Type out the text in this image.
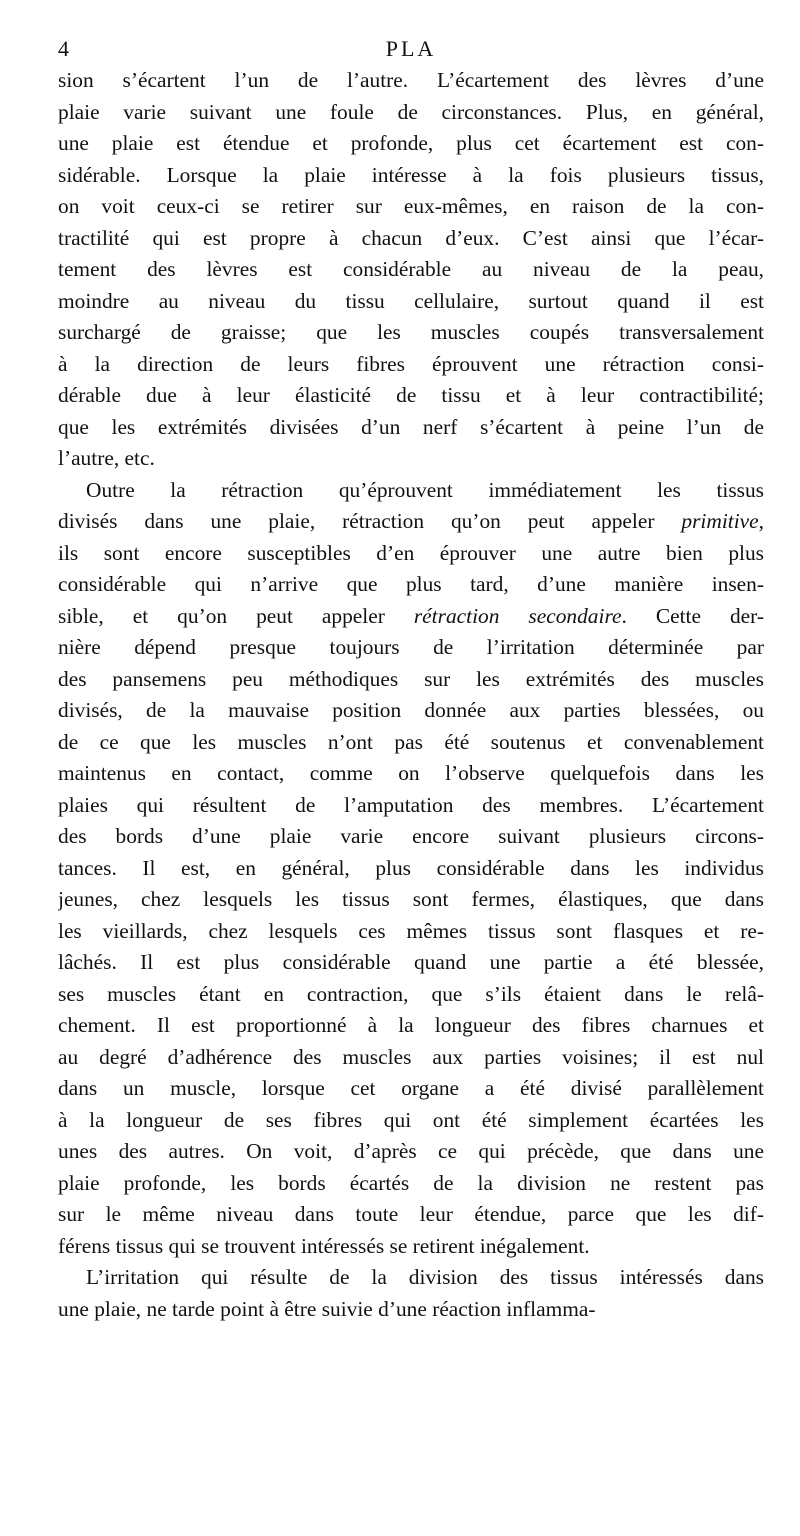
4	PLA
sion s’écartent l’un de l’autre. L’écartement des lèvres d’une
plaie varie suivant une foule de circonstances. Plus, en général,
une plaie est étendue et profonde, plus cet écartement est con-
sidérable. Lorsque la plaie intéresse à la fois plusieurs tissus,
on voit ceux-ci se retirer sur eux-mêmes, en raison de la con-
tractilité qui est propre à chacun d’eux. C’est ainsi que l’écar-
tement des lèvres est considérable au niveau de la peau,
moindre au niveau du tissu cellulaire, surtout quand il est
surchargé de graisse; que les muscles coupés transversalement
à la direction de leurs fibres éprouvent une rétraction consi-
dérable due à leur élasticité de tissu et à leur contractibilité;
que les extrémités divisées d’un nerf s’écartent à peine l’un de
l’autre, etc.
Outre la rétraction qu’éprouvent immédiatement les tissus
divisés dans une plaie, rétraction qu’on peut appeler primitive,
ils sont encore susceptibles d’en éprouver une autre bien plus
considérable qui n’arrive que plus tard, d’une manière insen-
sible, et qu’on peut appeler rétraction secondaire. Cette der-
nière dépend presque toujours de l’irritation déterminée par
des pansemens peu méthodiques sur les extrémités des muscles
divisés, de la mauvaise position donnée aux parties blessées, ou
de ce que les muscles n’ont pas été soutenus et convenablement
maintenus en contact, comme on l’observe quelquefois dans les
plaies qui résultent de l’amputation des membres. L’écartement
des bords d’une plaie varie encore suivant plusieurs circons-
tances. Il est, en général, plus considérable dans les individus
jeunes, chez lesquels les tissus sont fermes, élastiques, que dans
les vieillards, chez lesquels ces mêmes tissus sont flasques et re-
lâchés. Il est plus considérable quand une partie a été blessée,
ses muscles étant en contraction, que s’ils étaient dans le relâ-
chement. Il est proportionné à la longueur des fibres charnues et
au degré d’adhérence des muscles aux parties voisines; il est nul
dans un muscle, lorsque cet organe a été divisé parallèlement
à la longueur de ses fibres qui ont été simplement écartées les
unes des autres. On voit, d’après ce qui précède, que dans une
plaie profonde, les bords écartés de la division ne restent pas
sur le même niveau dans toute leur étendue, parce que les dif-
férens tissus qui se trouvent intéressés se retirent inégalement.
L’irritation qui résulte de la division des tissus intéressés dans
une plaie, ne tarde point à être suivie d’une réaction inflamma-
